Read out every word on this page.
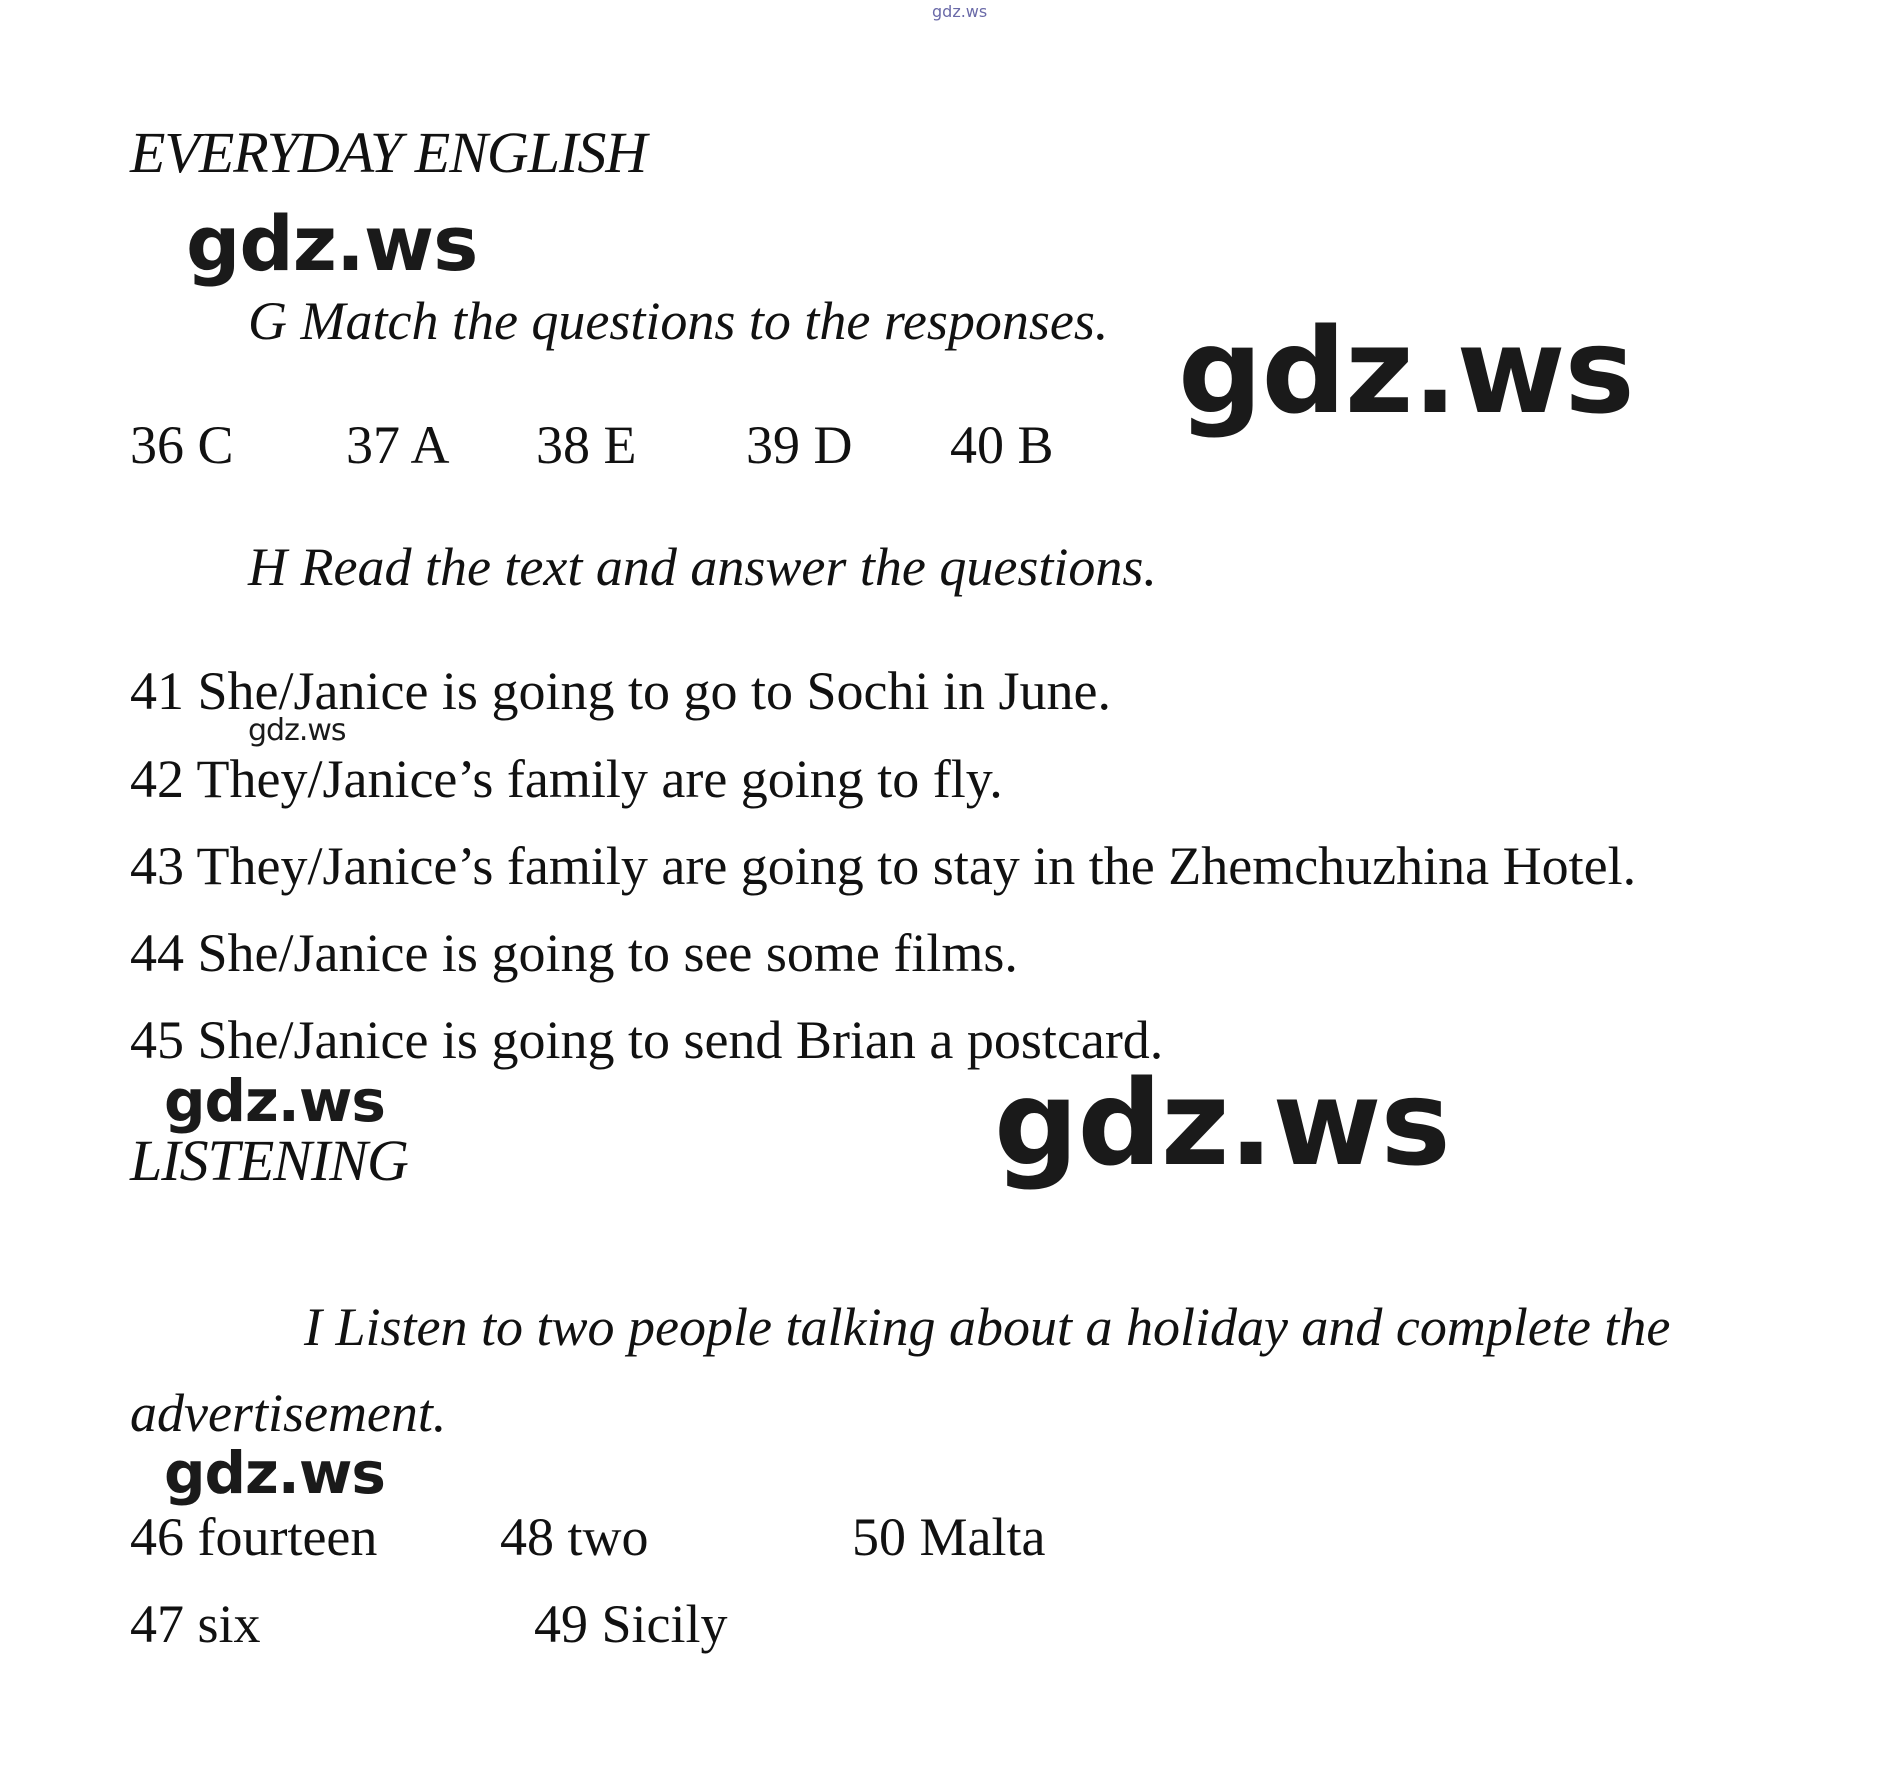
gdz.ws
EVERYDAY ENGLISH
gdz.ws
G Match the questions to the responses. gdz.ws
36 C 37 A 38 E 39 D 40 B
H Read the text and answer the questions.
41 She/Janice is going to go to Sochi in June.
gdz.ws
42 They/Janice’s family are going to fly.
43 They/Janice’s family are going to stay in the Zhemchuzhina Hotel.
44 She/Janice is going to see some films.
45 She/Janice is going to send Brian a postcard.
gdz.ws	gdz.ws
LISTENING
I Listen to two people talking about a holiday and complete the
advertisement.
gdz.ws
46 fourteen 48 two	50 Malta
47 six	49 Sicily
